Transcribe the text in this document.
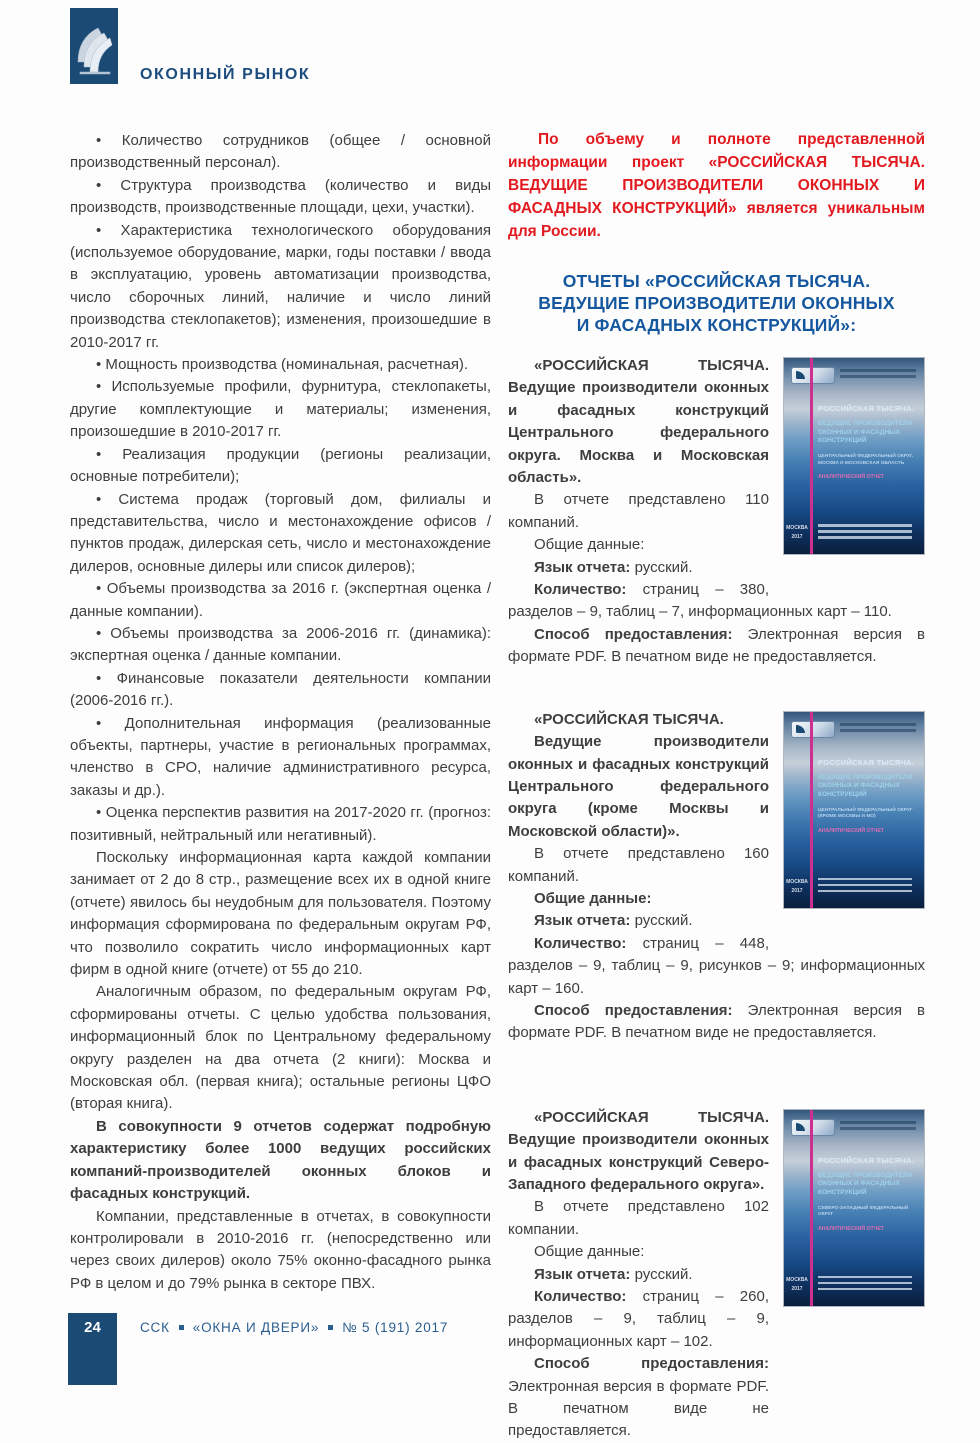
ОКОННЫЙ РЫНОК

• Количество сотрудников (общее / основной производственный персонал).

• Структура производства (количество и виды производств, производственные площади, цехи, участки).

• Характеристика технологического оборудования (используемое оборудование, марки, годы поставки / ввода в эксплуатацию, уровень автоматизации производства, число сборочных линий, наличие и число линий производства стеклопакетов); изменения, произошедшие в 2010-2017 гг.

• Мощность производства (номинальная, расчетная).

• Используемые профили, фурнитура, стеклопакеты, другие комплектующие и материалы; изменения, произошедшие в 2010-2017 гг.

• Реализация продукции (регионы реализации, основные потребители);

• Система продаж (торговый дом, филиалы и представительства, число и местонахождение офисов / пунктов продаж, дилерская сеть, число и местонахождение дилеров, основные дилеры или список дилеров);

• Объемы производства за 2016 г. (экспертная оценка / данные компании).

• Объемы производства за 2006-2016 гг. (динамика): экспертная оценка / данные компании.

• Финансовые показатели деятельности компании (2006-2016 гг.).

• Дополнительная информация (реализованные объекты, партнеры, участие в региональных программах, членство в СРО, наличие административного ресурса, заказы и др.).

• Оценка перспектив развития на 2017-2020 гг. (прогноз: позитивный, нейтральный или негативный).

Поскольку информационная карта каждой компании занимает от 2 до 8 стр., размещение всех их в одной книге (отчете) явилось бы неудобным для пользователя. Поэтому информация сформирована по федеральным округам РФ, что позволило сократить число информационных карт фирм в одной книге (отчете) от 55 до 210.

Аналогичным образом, по федеральным округам РФ, сформированы отчеты. С целью удобства пользования, информационный блок по Центральному федеральному округу разделен на два отчета (2 книги): Москва и Московская обл. (первая книга); остальные регионы ЦФО (вторая книга).

В совокупности 9 отчетов содержат подробную характеристику более 1000 ведущих российских компаний-производителей оконных блоков и фасадных конструкций.

Компании, представленные в отчетах, в совокупности контролировали в 2010-2016 гг. (непосредственно или через своих дилеров) около 75% оконно-фасадного рынка РФ в целом и до 79% рынка в секторе ПВХ.

По объему и полноте представленной информации проект «РОССИЙСКАЯ ТЫСЯЧА. ВЕДУЩИЕ ПРОИЗВОДИТЕЛИ ОКОННЫХ И ФАСАДНЫХ КОНСТРУКЦИЙ» является уникальным для России.

ОТЧЕТЫ «РОССИЙСКАЯ ТЫСЯЧА.
ВЕДУЩИЕ ПРОИЗВОДИТЕЛИ ОКОННЫХ
И ФАСАДНЫХ КОНСТРУКЦИЙ»:
РОССИЙСКАЯ ТЫСЯЧА.
ВЕДУЩИЕ ПРОИЗВОДИТЕЛИ ОКОННЫХ И ФАСАДНЫХ КОНСТРУКЦИЙ
ЦЕНТРАЛЬНЫЙ ФЕДЕРАЛЬНЫЙ ОКРУГ. МОСКВА И МОСКОВСКАЯ ОБЛАСТЬ
АНАЛИТИЧЕСКИЙ ОТЧЕТ
МОСКВА
2017

«РОССИЙСКАЯ ТЫСЯЧА. Ведущие производители оконных и фасадных конструкций Центрального федерального округа. Москва и Московская область».

В отчете представлено 110 компаний.

Общие данные:

Язык отчета: русский.

Количество: страниц – 380, разделов – 9, таблиц – 7, информационных карт – 110.

Способ предоставления: Электронная версия в формате PDF. В печатном виде не предоставляется.

РОССИЙСКАЯ ТЫСЯЧА.
ВЕДУЩИЕ ПРОИЗВОДИТЕЛИ ОКОННЫХ И ФАСАДНЫХ КОНСТРУКЦИЙ
ЦЕНТРАЛЬНЫЙ ФЕДЕРАЛЬНЫЙ ОКРУГ (КРОМЕ МОСКВЫ И МО)
АНАЛИТИЧЕСКИЙ ОТЧЕТ
МОСКВА
2017

«РОССИЙСКАЯ ТЫСЯЧА.

Ведущие производители оконных и фасадных конструкций Центрального федерального округа (кроме Москвы и Московской области)».

В отчете представлено 160 компаний.

Общие данные:

Язык отчета: русский.

Количество: страниц – 448, разделов – 9, таблиц – 9, рисунков – 9; информационных карт – 160.

Способ предоставления: Электронная версия в формате PDF. В печатном виде не предоставляется.

РОССИЙСКАЯ ТЫСЯЧА.
ВЕДУЩИЕ ПРОИЗВОДИТЕЛИ ОКОННЫХ И ФАСАДНЫХ КОНСТРУКЦИЙ
СЕВЕРО-ЗАПАДНЫЙ ФЕДЕРАЛЬНЫЙ ОКРУГ
АНАЛИТИЧЕСКИЙ ОТЧЕТ
МОСКВА
2017

«РОССИЙСКАЯ ТЫСЯЧА. Ведущие производители оконных и фасадных конструкций Северо-Западного федерального округа».

В отчете представлено 102 компании.

Общие данные:

Язык отчета: русский.

Количество: страниц – 260, разделов – 9, таблиц – 9, информационных карт – 102.

Способ предоставления: Электронная версия в формате PDF. В печатном виде не предоставляется.

24	ССК «ОКНА И ДВЕРИ» № 5 (191) 2017
